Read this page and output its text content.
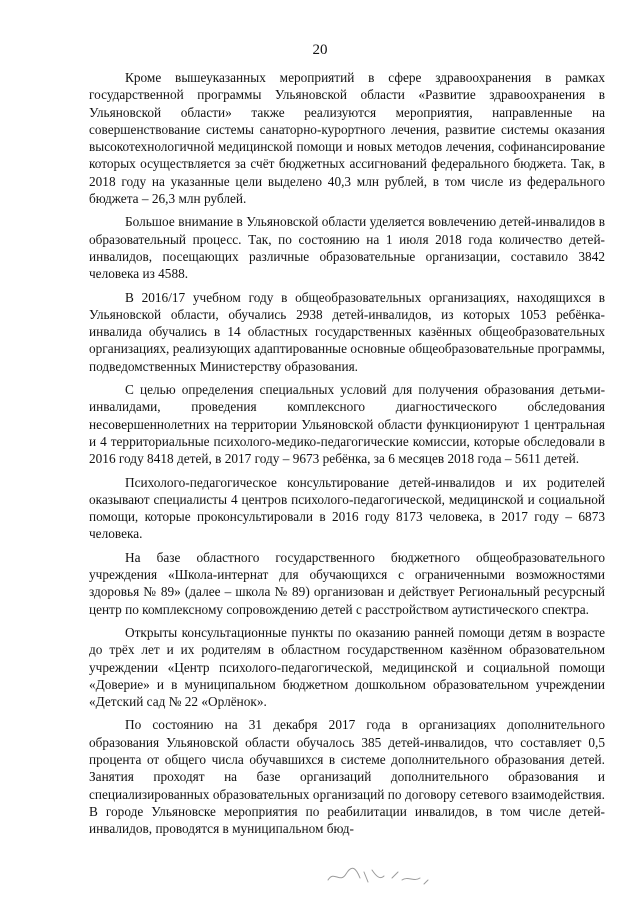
20

Кроме вышеуказанных мероприятий в сфере здравоохранения в рамках государственной программы Ульяновской области «Развитие здравоохранения в Ульяновской области» также реализуются мероприятия, направленные на совершенствование системы санаторно-курортного лечения, развитие системы оказания высокотехнологичной медицинской помощи и новых методов лечения, софинансирование которых осуществляется за счёт бюджетных ассигнований федерального бюджета. Так, в 2018 году на указанные цели выделено 40,3 млн рублей, в том числе из федерального бюджета – 26,3 млн рублей.

Большое внимание в Ульяновской области уделяется вовлечению детей-инвалидов в образовательный процесс. Так, по состоянию на 1 июля 2018 года количество детей-инвалидов, посещающих различные образовательные организации, составило 3842 человека из 4588.

В 2016/17 учебном году в общеобразовательных организациях, находящихся в Ульяновской области, обучались 2938 детей-инвалидов, из которых 1053 ребёнка-инвалида обучались в 14 областных государственных казённых общеобразовательных организациях, реализующих адаптированные основные общеобразовательные программы, подведомственных Министерству образования.

С целью определения специальных условий для получения образования детьми-инвалидами, проведения комплексного диагностического обследования несовершеннолетних на территории Ульяновской области функционируют 1 центральная и 4 территориальные психолого-медико-педагогические комиссии, которые обследовали в 2016 году 8418 детей, в 2017 году – 9673 ребёнка, за 6 месяцев 2018 года – 5611 детей.

Психолого-педагогическое консультирование детей-инвалидов и их родителей оказывают специалисты 4 центров психолого-педагогической, медицинской и социальной помощи, которые проконсультировали в 2016 году 8173 человека, в 2017 году – 6873 человека.

На базе областного государственного бюджетного общеобразовательного учреждения «Школа-интернат для обучающихся с ограниченными возможностями здоровья № 89» (далее – школа № 89) организован и действует Региональный ресурсный центр по комплексному сопровождению детей с расстройством аутистического спектра.

Открыты консультационные пункты по оказанию ранней помощи детям в возрасте до трёх лет и их родителям в областном государственном казённом образовательном учреждении «Центр психолого-педагогической, медицинской и социальной помощи «Доверие» и в муниципальном бюджетном дошкольном образовательном учреждении «Детский сад № 22 «Орлёнок».

По состоянию на 31 декабря 2017 года в организациях дополнительного образования Ульяновской области обучалось 385 детей-инвалидов, что составляет 0,5 процента от общего числа обучавшихся в системе дополнительного образования детей. Занятия проходят на базе организаций дополнительного образования и специализированных образовательных организаций по договору сетевого взаимодействия. В городе Ульяновске мероприятия по реабилитации инвалидов, в том числе детей-инвалидов, проводятся в муниципальном бюд-
